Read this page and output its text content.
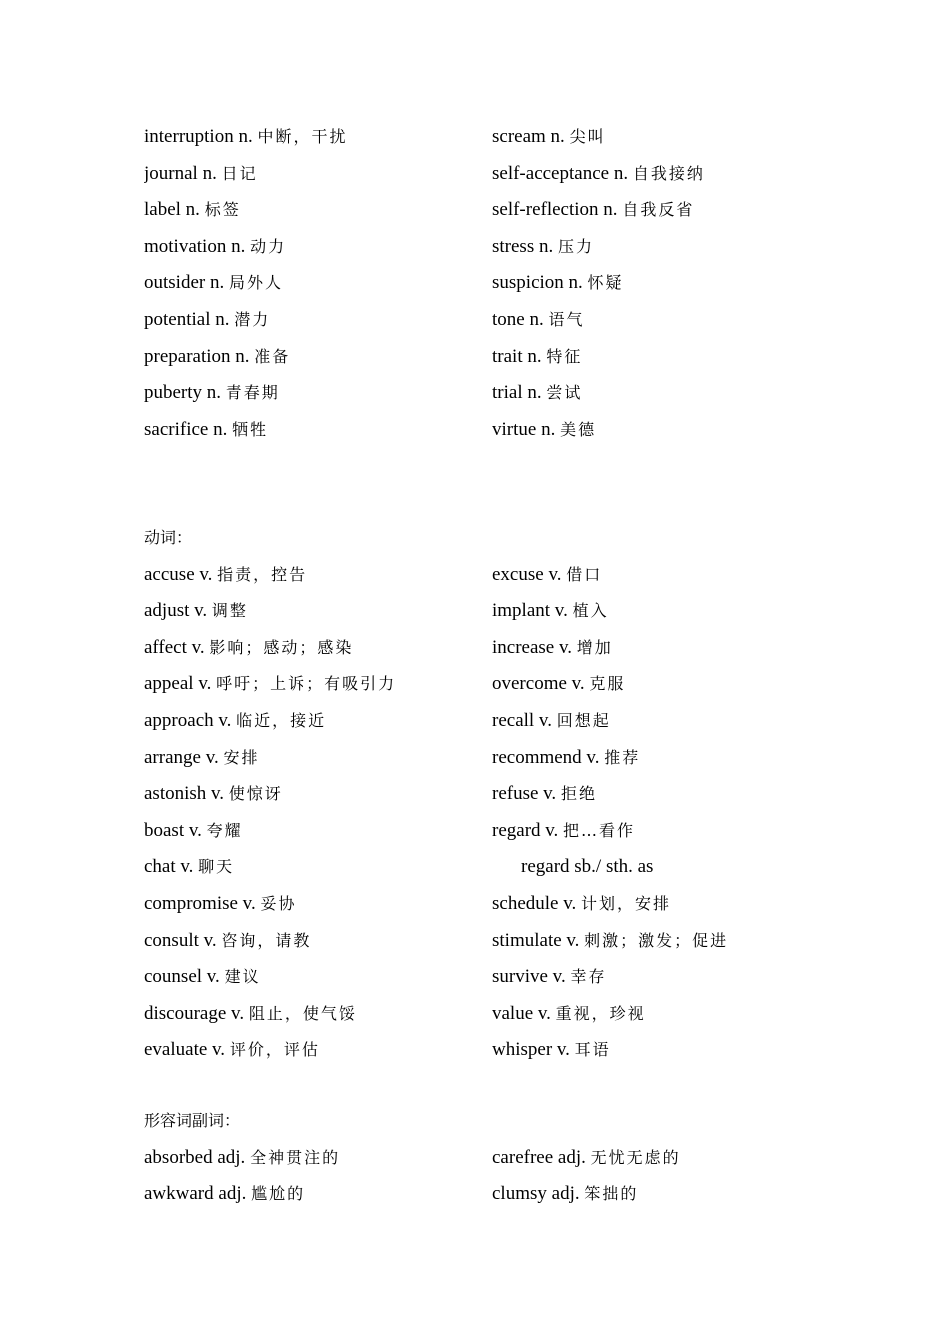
interruption n. 中断，干扰
journal n. 日记
label n. 标签
motivation n. 动力
outsider n. 局外人
potential n. 潜力
preparation n. 准备
puberty n. 青春期
sacrifice n. 牺牲
scream n. 尖叫
self-acceptance n. 自我接纳
self-reflection n. 自我反省
stress n. 压力
suspicion n. 怀疑
tone n. 语气
trait n. 特征
trial n. 尝试
virtue n. 美德
动词：
accuse v. 指责，控告
adjust v. 调整
affect v. 影响；感动；感染
appeal v. 呼吁；上诉；有吸引力
approach v. 临近，接近
arrange v. 安排
astonish v. 使惊讶
boast v. 夸耀
chat v. 聊天
compromise v. 妥协
consult v. 咨询，请教
counsel v. 建议
discourage v. 阻止，使气馁
evaluate v. 评价，评估
excuse v. 借口
implant v. 植入
increase v. 增加
overcome v. 克服
recall v. 回想起
recommend v. 推荐
refuse v. 拒绝
regard v. 把…看作
regard sb./ sth. as
schedule v. 计划，安排
stimulate v. 刺激；激发；促进
survive v. 幸存
value v. 重视，珍视
whisper v. 耳语
形容词副词：
absorbed adj. 全神贯注的
awkward adj. 尴尬的
carefree adj. 无忧无虑的
clumsy adj. 笨拙的
